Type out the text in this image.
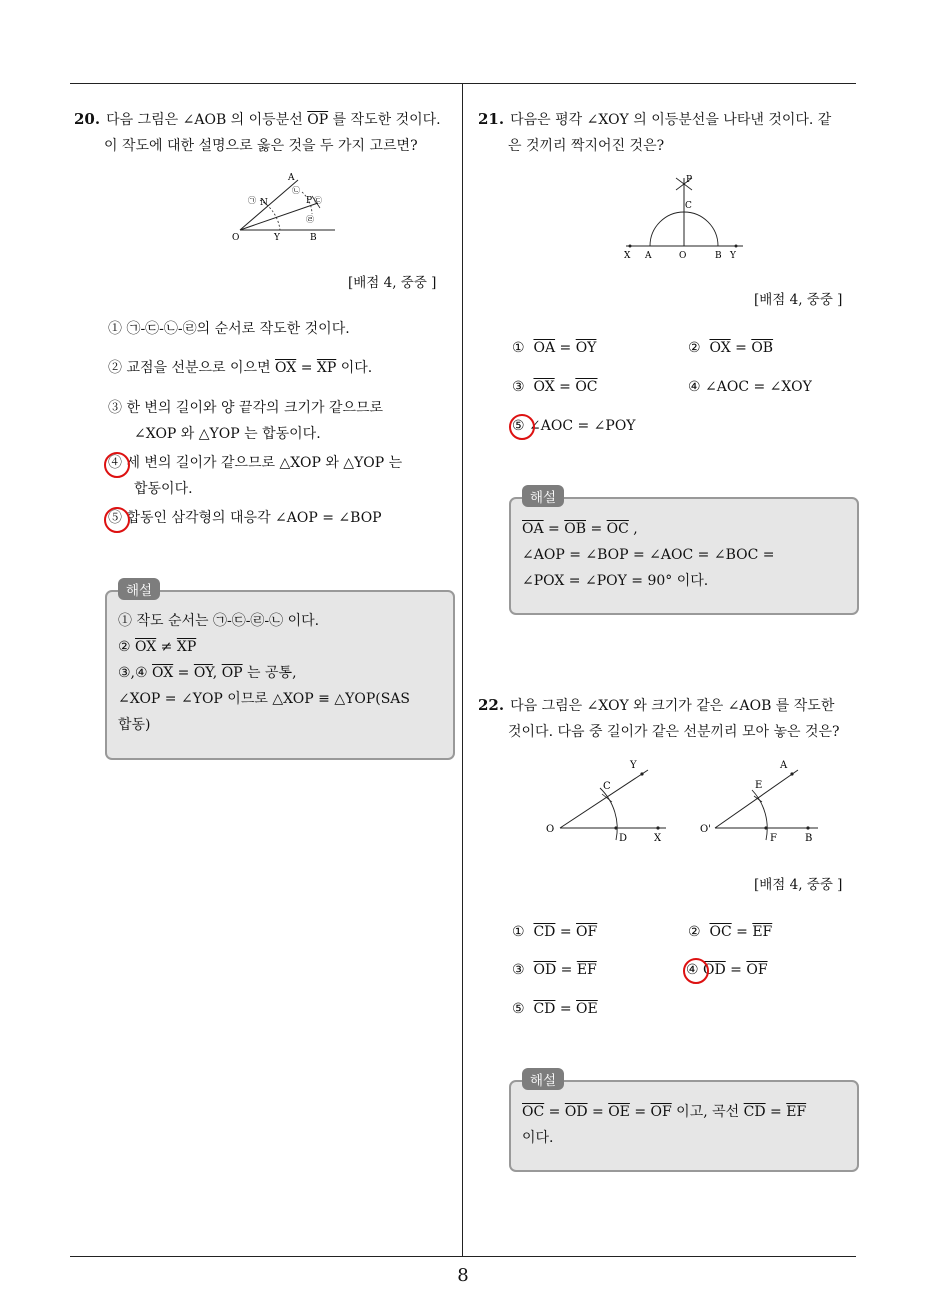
20. 다음 그림은 ∠AOB 의 이등분선 $\overline{OP}$ 를 작도한 것이다.
이 작도에 대한 설명으로 옳은 것을 두 가지 고르면?
A
N	P
O	Y	B
㉠
㉡
㉢
㉣
[배점 4, 중중 ]
① ㉠-㉢-㉡-㉣의 순서로 작도한 것이다.
② 교점을 선분으로 이으면 $\overline{OX} = \overline{XP}$ 이다.
③ 한 변의 길이와 양 끝각의 크기가 같으므로
∠XOP 와 △YOP 는 합동이다.
④ 세 변의 길이가 같으므로 △XOP 와 △YOP 는
합동이다.
⑤ 합동인 삼각형의 대응각 ∠AOP = ∠BOP
해설
① 작도 순서는 ㉠-㉢-㉣-㉡ 이다.
② $\overline{OX} \ne \overline{XP}$
③,④ $\overline{OX} = \overline{OY}$, $\overline{OP}$ 는 공통,
∠XOP = ∠YOP 이므로 △XOP ≡ △YOP(SAS
합동)
21. 다음은 평각 ∠XOY 의 이등분선을 나타낸 것이다. 같
은 것끼리 짝지어진 것은?
P
C
X A	O	B Y
[배점 4, 중중 ]
① $\overline{OA} = \overline{OY}$	② $\overline{OX} = \overline{OB}$
③ $\overline{OX} = \overline{OC}$	④ ∠AOC = ∠XOY
⑤ ∠AOC = ∠POY
해설
$\overline{OA} = \overline{OB} = \overline{OC}$ ,
∠AOP = ∠BOP = ∠AOC = ∠BOC =
∠POX = ∠POY = 90° 이다.
22. 다음 그림은 ∠XOY 와 크기가 같은 ∠AOB 를 작도한
것이다. 다음 중 길이가 같은 선분끼리 모아 놓은 것은?
O
C
Y
D	X
O'
E
A
F	B
[배점 4, 중중 ]
① $\overline{CD} = \overline{OF}$	② $\overline{OC} = \overline{EF}$
③ $\overline{OD} = \overline{EF}$	④ $\overline{OD} = \overline{OF}$
⑤ $\overline{CD} = \overline{OE}$
해설
$\overline{OC} = \overline{OD} = \overline{OE} = \overline{OF}$ 이고, 곡선 $\overline{CD} = \overline{EF}$
이다.
8
